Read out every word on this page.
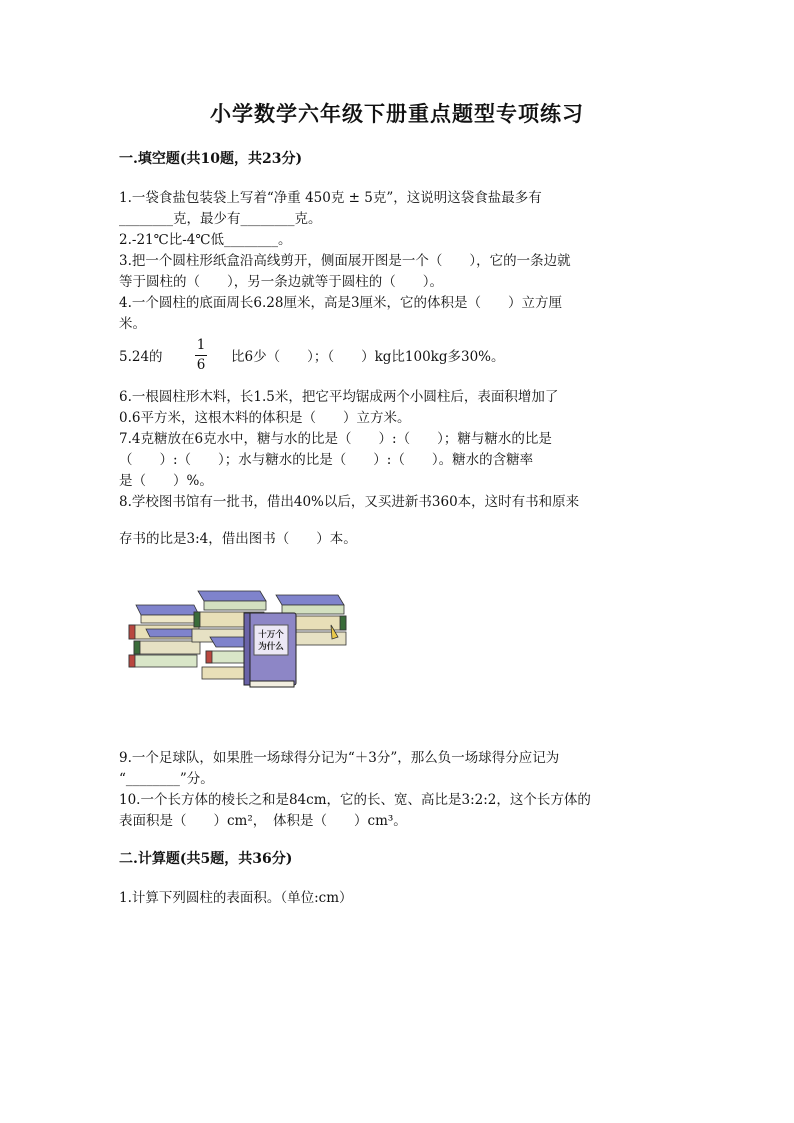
小学数学六年级下册重点题型专项练习
一.填空题(共10题，共23分)
1.一袋食盐包装袋上写着“净重 450克 ± 5克”，这说明这袋食盐最多有
________克，最少有________克。
2.-21℃比-4℃低________。
3.把一个圆柱形纸盒沿高线剪开，侧面展开图是一个（　　），它的一条边就
等于圆柱的（　　），另一条边就等于圆柱的（　　）。
4.一个圆柱的底面周长6.28厘米，高是3厘米，它的体积是（　　）立方厘
米。
5.24的
1
6 比6少（　　）；（　　）kg比100kg多30%。
6.一根圆柱形木料，长1.5米，把它平均锯成两个小圆柱后，表面积增加了
0.6平方米，这根木料的体积是（　　）立方米。
7.4克糖放在6克水中，糖与水的比是（　　）:（　　）；糖与糖水的比是
（　　）:（　　）；水与糖水的比是（　　）:（　　）。糖水的含糖率
是（　　）%。
8.学校图书馆有一批书，借出40%以后，又买进新书360本，这时有书和原来
存书的比是3:4，借出图书（　　）本。
十万个
为什么
9.一个足球队，如果胜一场球得分记为“＋3分”，那么负一场球得分应记为
“________”分。
10.一个长方体的棱长之和是84cm，它的长、宽、高比是3:2:2，这个长方体的
表面积是（　　）cm²，　体积是（　　）cm³。
二.计算题(共5题，共36分)
1.计算下列圆柱的表面积。（单位:cm）
